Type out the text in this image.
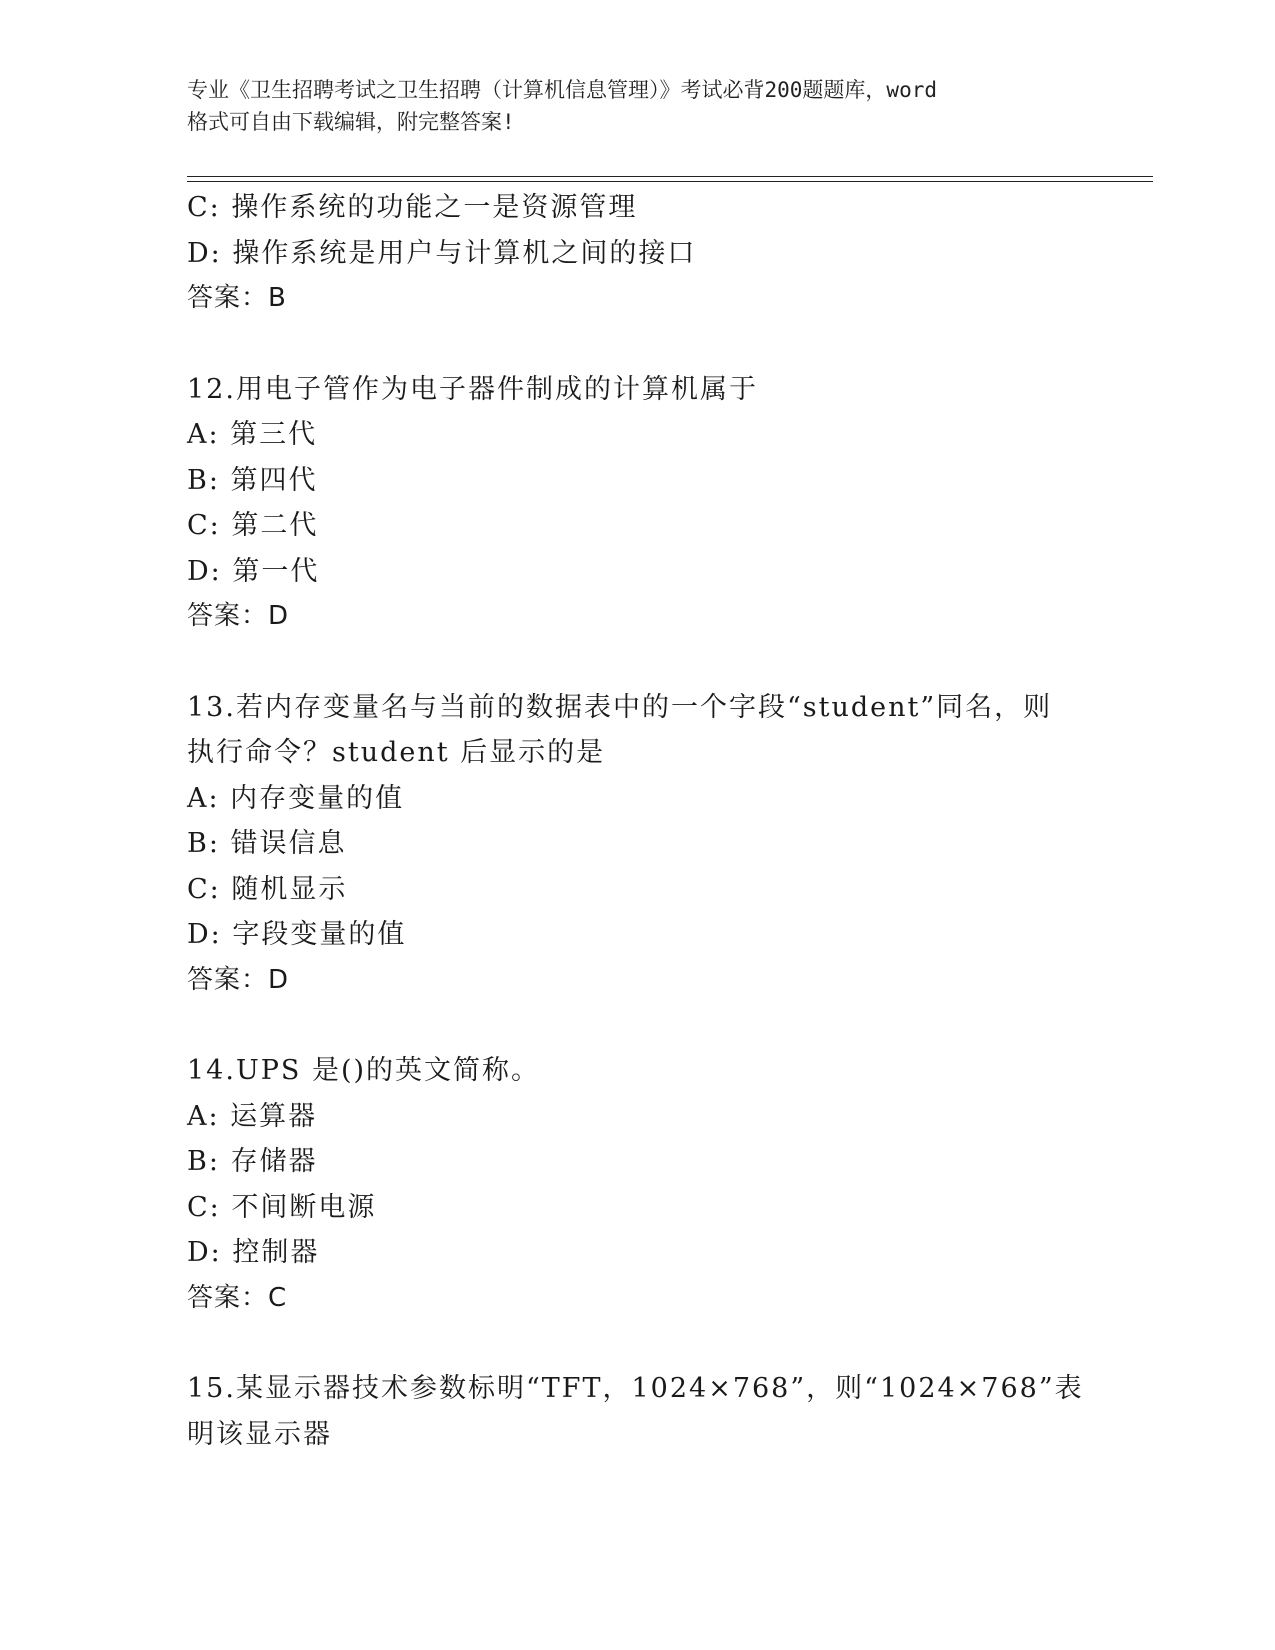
专业《卫生招聘考试之卫生招聘（计算机信息管理）》考试必背200题题库，word
格式可自由下载编辑，附完整答案!
C: 操作系统的功能之一是资源管理
D: 操作系统是用户与计算机之间的接口
答案：B
12.用电子管作为电子器件制成的计算机属于
A: 第三代
B: 第四代
C: 第二代
D: 第一代
答案：D
13.若内存变量名与当前的数据表中的一个字段“student”同名，则
执行命令？student 后显示的是
A: 内存变量的值
B: 错误信息
C: 随机显示
D: 字段变量的值
答案：D
14.UPS 是()的英文简称。
A: 运算器
B: 存储器
C: 不间断电源
D: 控制器
答案：C
15.某显示器技术参数标明“TFT，1024×768”，则“1024×768”表
明该显示器
